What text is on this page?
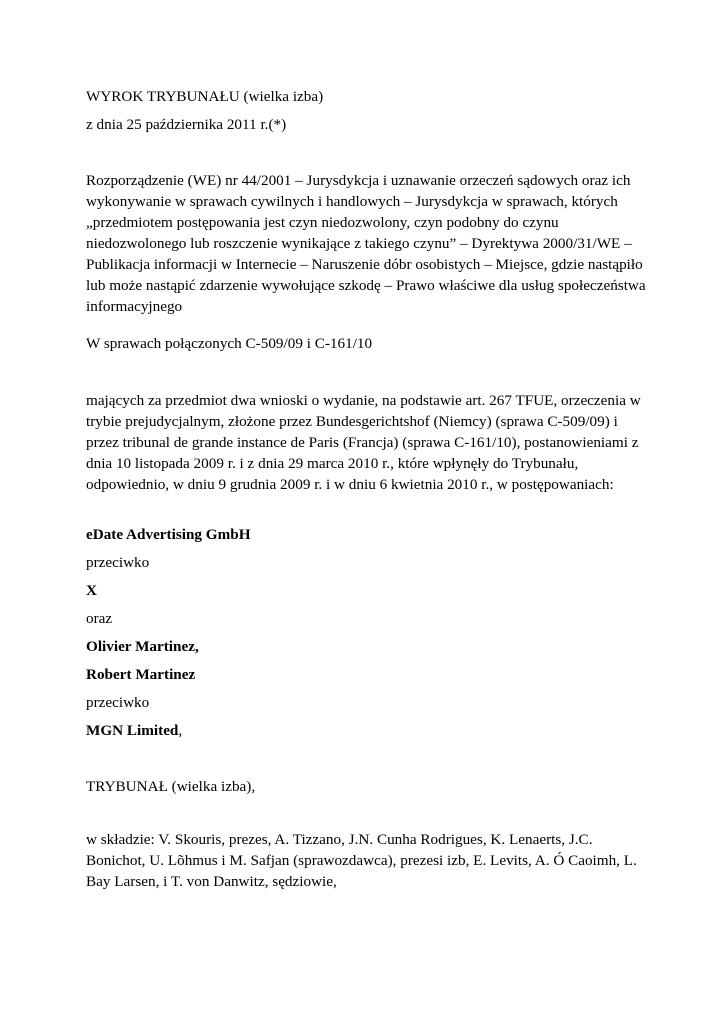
WYROK TRYBUNAŁU (wielka izba)

z dnia 25 października 2011 r.(*)

Rozporządzenie (WE) nr 44/2001 – Jurysdykcja i uznawanie orzeczeń sądowych oraz ich wykonywanie w sprawach cywilnych i handlowych – Jurysdykcja w sprawach, których „przedmiotem postępowania jest czyn niedozwolony, czyn podobny do czynu niedozwolonego lub roszczenie wynikające z takiego czynu” – Dyrektywa 2000/31/WE – Publikacja informacji w Internecie – Naruszenie dóbr osobistych – Miejsce, gdzie nastąpiło lub może nastąpić zdarzenie wywołujące szkodę – Prawo właściwe dla usług społeczeństwa informacyjnego

W sprawach połączonych C‑509/09 i C‑161/10

mających za przedmiot dwa wnioski o wydanie, na podstawie art. 267 TFUE, orzeczenia w trybie prejudycjalnym, złożone przez Bundesgerichtshof (Niemcy) (sprawa C‑509/09) i przez tribunal de grande instance de Paris (Francja) (sprawa C‑161/10), postanowieniami z dnia 10 listopada 2009 r. i z dnia 29 marca 2010 r., które wpłynęły do Trybunału, odpowiednio, w dniu 9 grudnia 2009 r. i w dniu 6 kwietnia 2010 r., w postępowaniach:

eDate Advertising GmbH

przeciwko

X

oraz

Olivier Martinez,

Robert Martinez

przeciwko

MGN Limited,

TRYBUNAŁ (wielka izba),

w składzie: V. Skouris, prezes, A. Tizzano, J.N. Cunha Rodrigues, K. Lenaerts, J.C. Bonichot, U. Lõhmus i M. Safjan (sprawozdawca), prezesi izb, E. Levits, A. Ó Caoimh, L. Bay Larsen, i T. von Danwitz, sędziowie,
